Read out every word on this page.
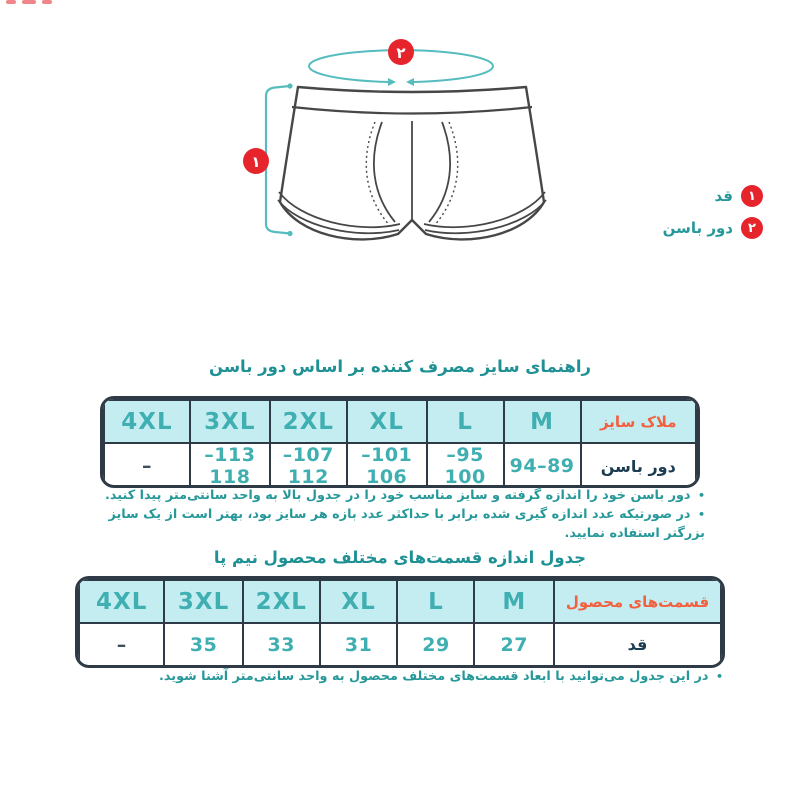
۲
۱
۱
قد
۲
دور باسن
راهنمای سایز مصرف کننده بر اساس دور باسن
ملاک سایز	M	L	XL	2XL	3XL	4XL
دور باسن	89–94	95–100	101–106	107–112	113–118	–
• دور باسن خود را اندازه گرفته و سایز مناسب خود را در جدول بالا به واحد سانتی‌متر پیدا کنید.
• در صورتیکه عدد اندازه گیری شده برابر با حداکثر عدد بازه هر سایز بود، بهتر است از یک سایز بزرگتر استفاده نمایید.
جدول اندازه قسمت‌های مختلف محصول نیم پا
قسمت‌های محصول	M	L	XL	2XL	3XL	4XL
قد	27	29	31	33	35	–
• در این جدول می‌توانید با ابعاد قسمت‌های مختلف محصول به واحد سانتی‌متر آشنا شوید.
